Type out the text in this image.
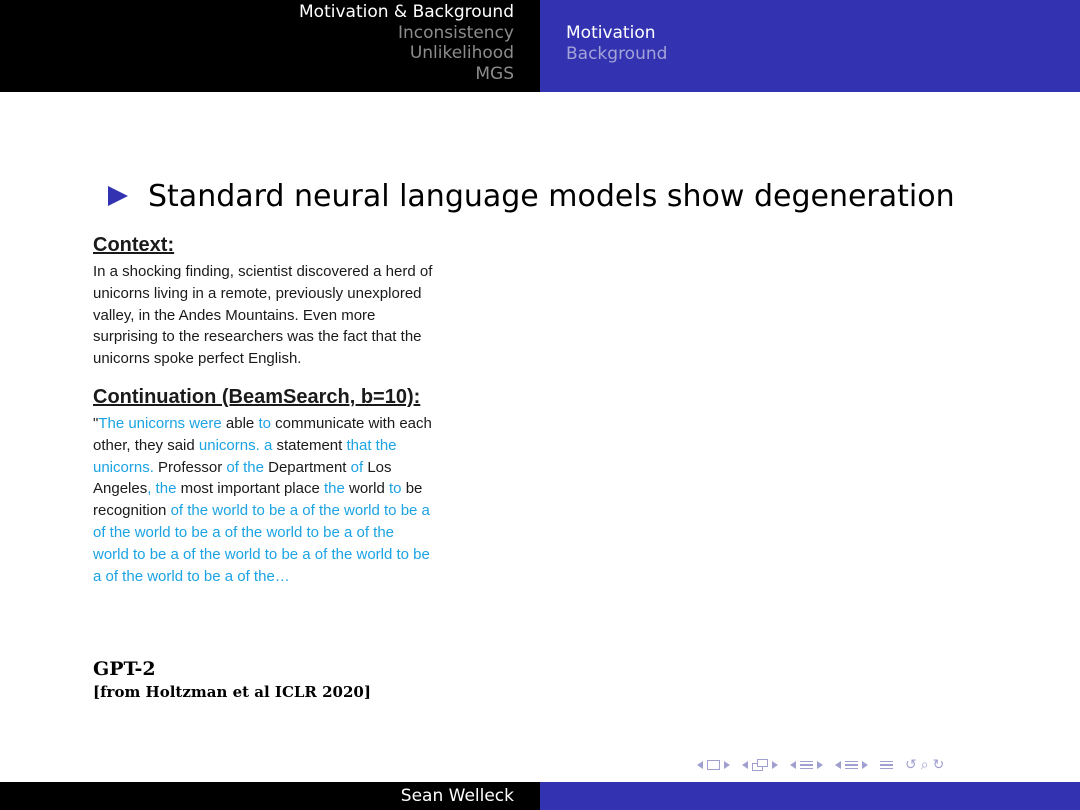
Motivation & Background
Inconsistency
Unlikelihood
MGS
Motivation
Background
Standard neural language models show degeneration
Context:
In a shocking finding, scientist discovered a herd of unicorns living in a remote, previously unexplored valley, in the Andes Mountains. Even more surprising to the researchers was the fact that the unicorns spoke perfect English.
Continuation (BeamSearch, b=10):
"The unicorns were able to communicate with each other, they said unicorns. a statement that the unicorns. Professor of the Department of Los Angeles, the most important place the world to be recognition of the world to be a of the world to be a of the world to be a of the world to be a of the world to be a of the world to be a of the world to be a of the world to be a of the…
GPT-2
[from Holtzman et al ICLR 2020]
↺ ⌕ ↻
Sean Welleck
